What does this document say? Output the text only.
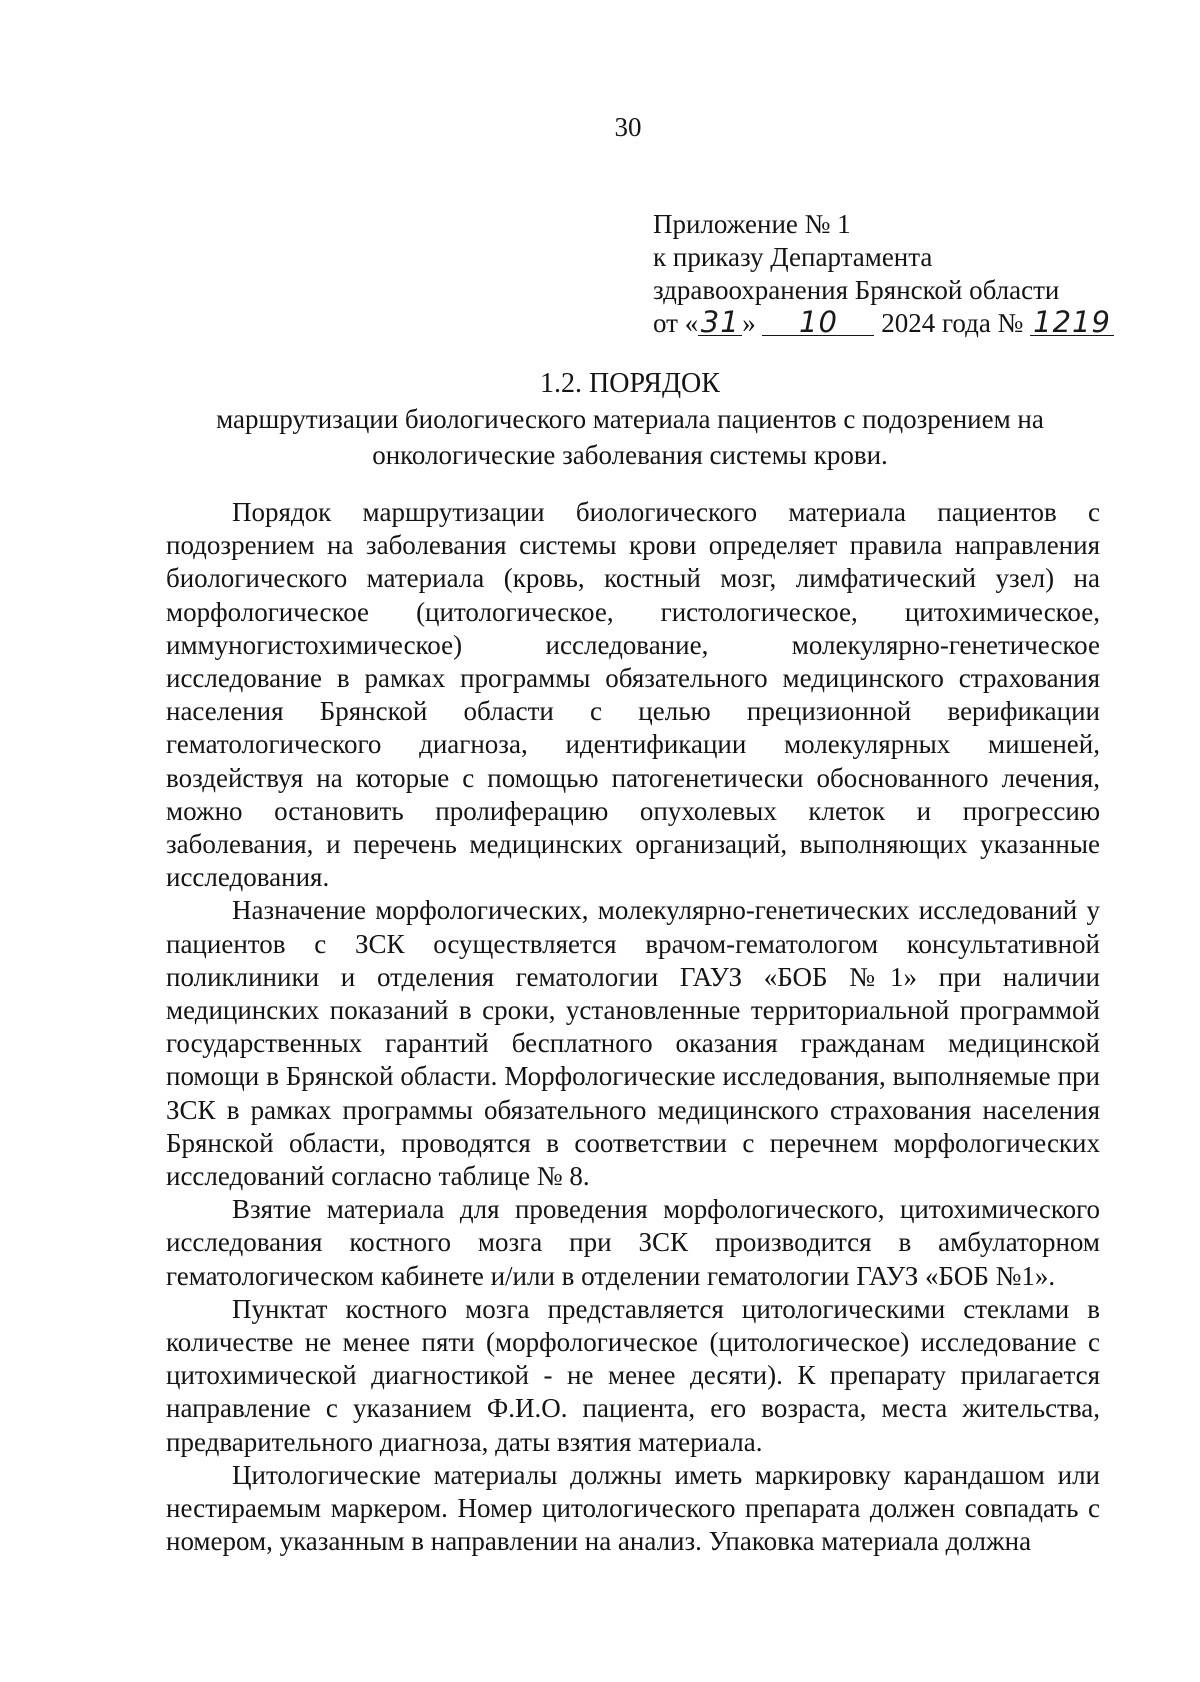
30
Приложение № 1
к приказу Департамента
здравоохранения Брянской области
от «31» 10 2024 года № 1219
1.2. ПОРЯДОК
маршрутизации биологического материала пациентов с подозрением на онкологические заболевания системы крови.

Порядок маршрутизации биологического материала пациентов с подозрением на заболевания системы крови определяет правила направления биологического материала (кровь, костный мозг, лимфатический узел) на морфологическое (цитологическое, гистологическое, цитохимическое, иммуногистохимическое) исследование, молекулярно-генетическое исследование в рамках программы обязательного медицинского страхования населения Брянской области с целью прецизионной верификации гематологического диагноза, идентификации молекулярных мишеней, воздействуя на которые с помощью патогенетически обоснованного лечения, можно остановить пролиферацию опухолевых клеток и прогрессию заболевания, и перечень медицинских организаций, выполняющих указанные исследования.

Назначение морфологических, молекулярно-генетических исследований у пациентов с ЗСК осуществляется врачом-гематологом консультативной поликлиники и отделения гематологии ГАУЗ «БОБ №1» при наличии медицинских показаний в сроки, установленные территориальной программой государственных гарантий бесплатного оказания гражданам медицинской помощи в Брянской области. Морфологические исследования, выполняемые при ЗСК в рамках программы обязательного медицинского страхования населения Брянской области, проводятся в соответствии с перечнем морфологических исследований согласно таблице № 8.

Взятие материала для проведения морфологического, цитохимического исследования костного мозга при ЗСК производится в амбулаторном гематологическом кабинете и/или в отделении гематологии ГАУЗ «БОБ №1».

Пунктат костного мозга представляется цитологическими стеклами в количестве не менее пяти (морфологическое (цитологическое) исследование с цитохимической диагностикой - не менее десяти). К препарату прилагается направление с указанием Ф.И.О. пациента, его возраста, места жительства, предварительного диагноза, даты взятия материала.

Цитологические материалы должны иметь маркировку карандашом или нестираемым маркером. Номер цитологического препарата должен совпадать с номером, указанным в направлении на анализ. Упаковка материала должна
